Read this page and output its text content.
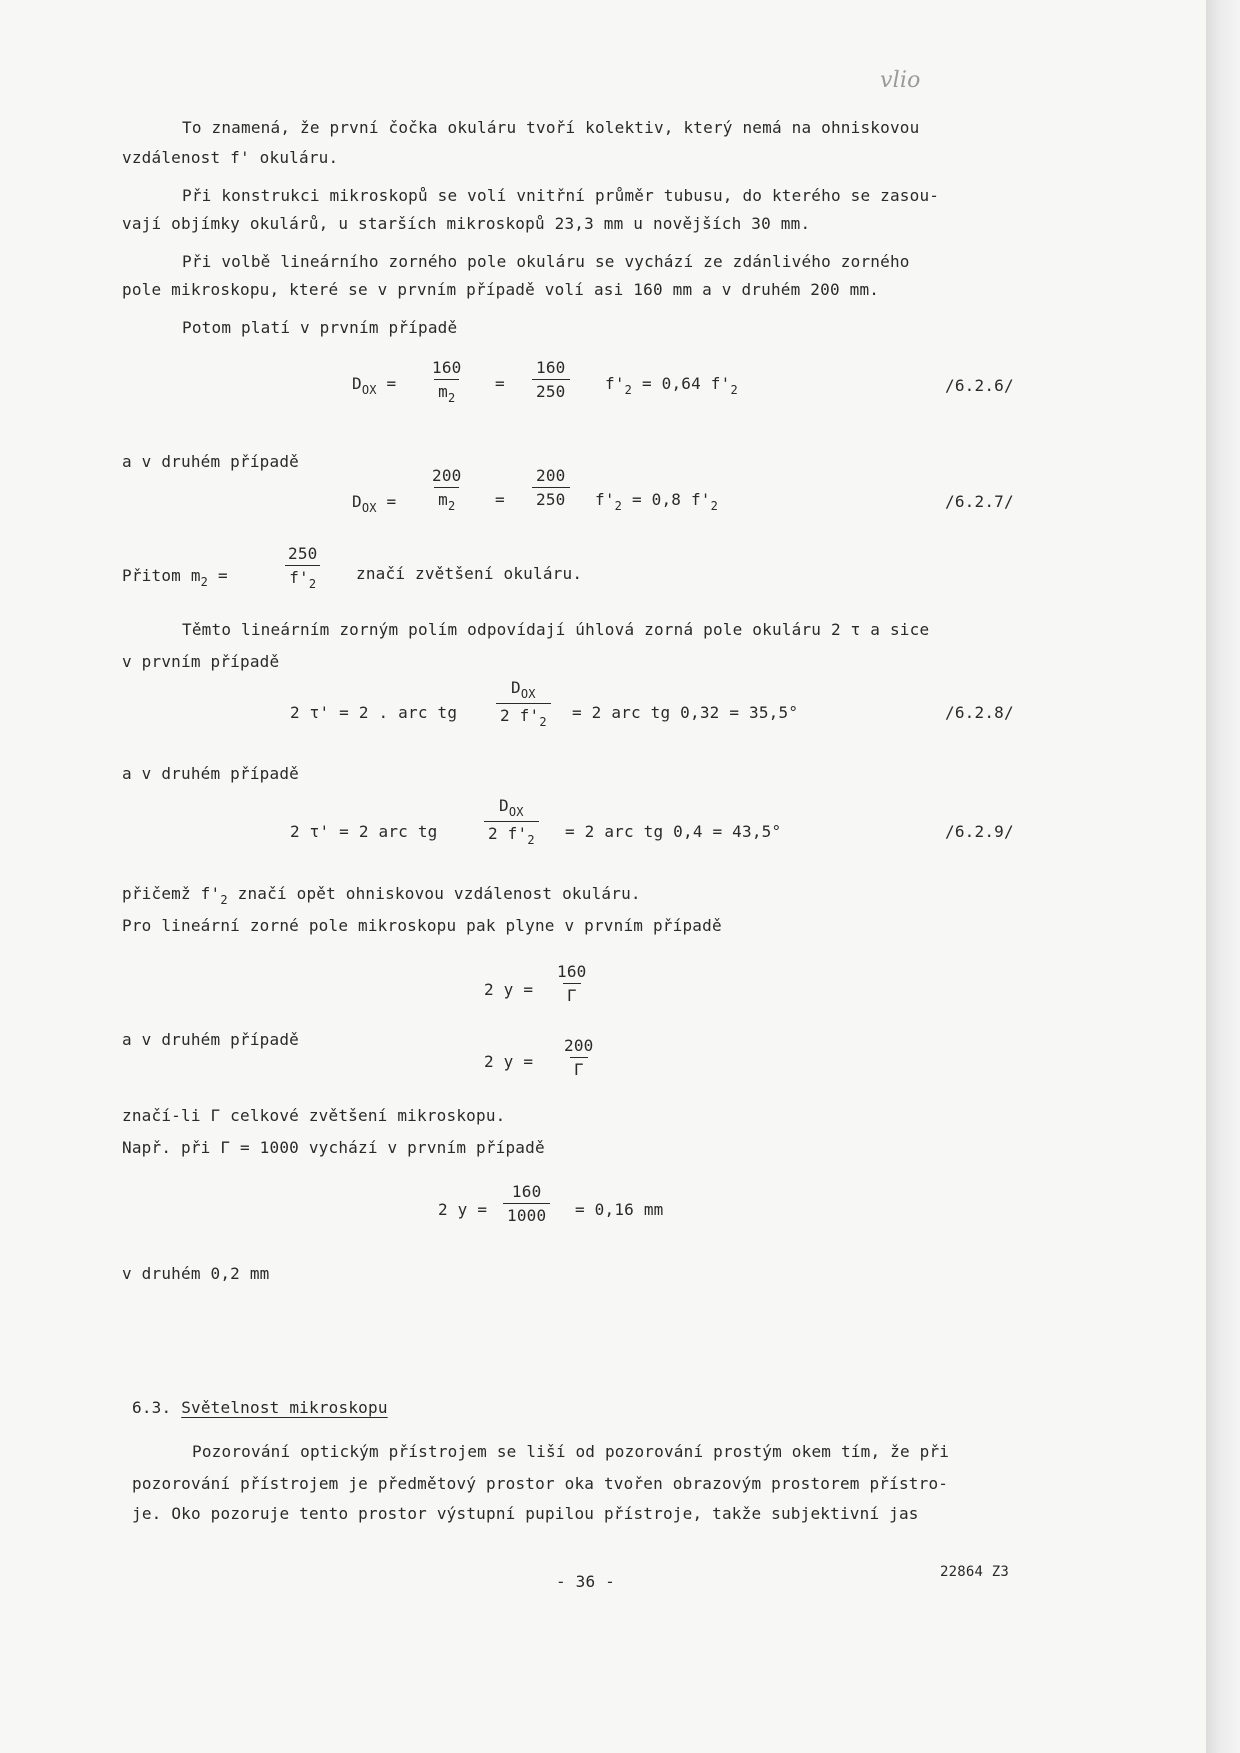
vlio
To znamená, že první čočka okuláru tvoří kolektiv, který nemá na ohniskovou
vzdálenost f' okuláru.
Při konstrukci mikroskopů se volí vnitřní průměr tubusu, do kterého se zasou-
vají objímky okulárů, u starších mikroskopů 23,3 mm u novějších 30 mm.
Při volbě lineárního zorného pole okuláru se vychází ze zdánlivého zorného
pole mikroskopu, které se v prvním případě volí asi 160 mm a v druhém 200 mm.
Potom platí v prvním případě
$D_{OX} = \frac{160}{m_2} = \frac{160}{250} f'_2 = 0,64$ $f'_2$	/6.2.6/
a v druhém případě
$D_{OX} = \frac{200}{m_2} = \frac{200}{250} f'_2 = 0,8$ $f'_2$	/6.2.7/
Přitom $m_2$ =	$\frac{250}{f'_2}$ značí zvětšení okuláru.
Těmto lineárním zorným polím odpovídají úhlová zorná pole okuláru 2 τ a sice
v prvním případě
2 τ' = 2 . arc tg
$D_{OX}$
2 $f'_2 = 2$ arc tg 0,32 = 35,5°	/6.2.8/
a v druhém případě
2 τ' = 2 arc tg
$D_{OX}$
2 $f'_2 = 2$ arc tg 0,4 = 43,5°	/6.2.9/
přičemž $f'_2$ značí opět ohniskovou vzdálenost okuláru.
Pro lineární zorné pole mikroskopu pak plyne v prvním případě
2 $y = \frac{160}{\Gamma}$
a v druhém případě
2 $y = \frac{200}{\Gamma}$
značí-li Γ celkové zvětšení mikroskopu.
Např. při Γ = 1000 vychází v prvním případě
2 $y = \frac{160}{1000} = 0,16$ mm
v druhém 0,2 mm
6.3. Světelnost mikroskopu
Pozorování optickým přístrojem se liší od pozorování prostým okem tím, že při
pozorování přístrojem je předmětový prostor oka tvořen obrazovým prostorem přístro-
je. Oko pozoruje tento prostor výstupní pupilou přístroje, takže subjektivní jas
- 36 -	22864 Z3
